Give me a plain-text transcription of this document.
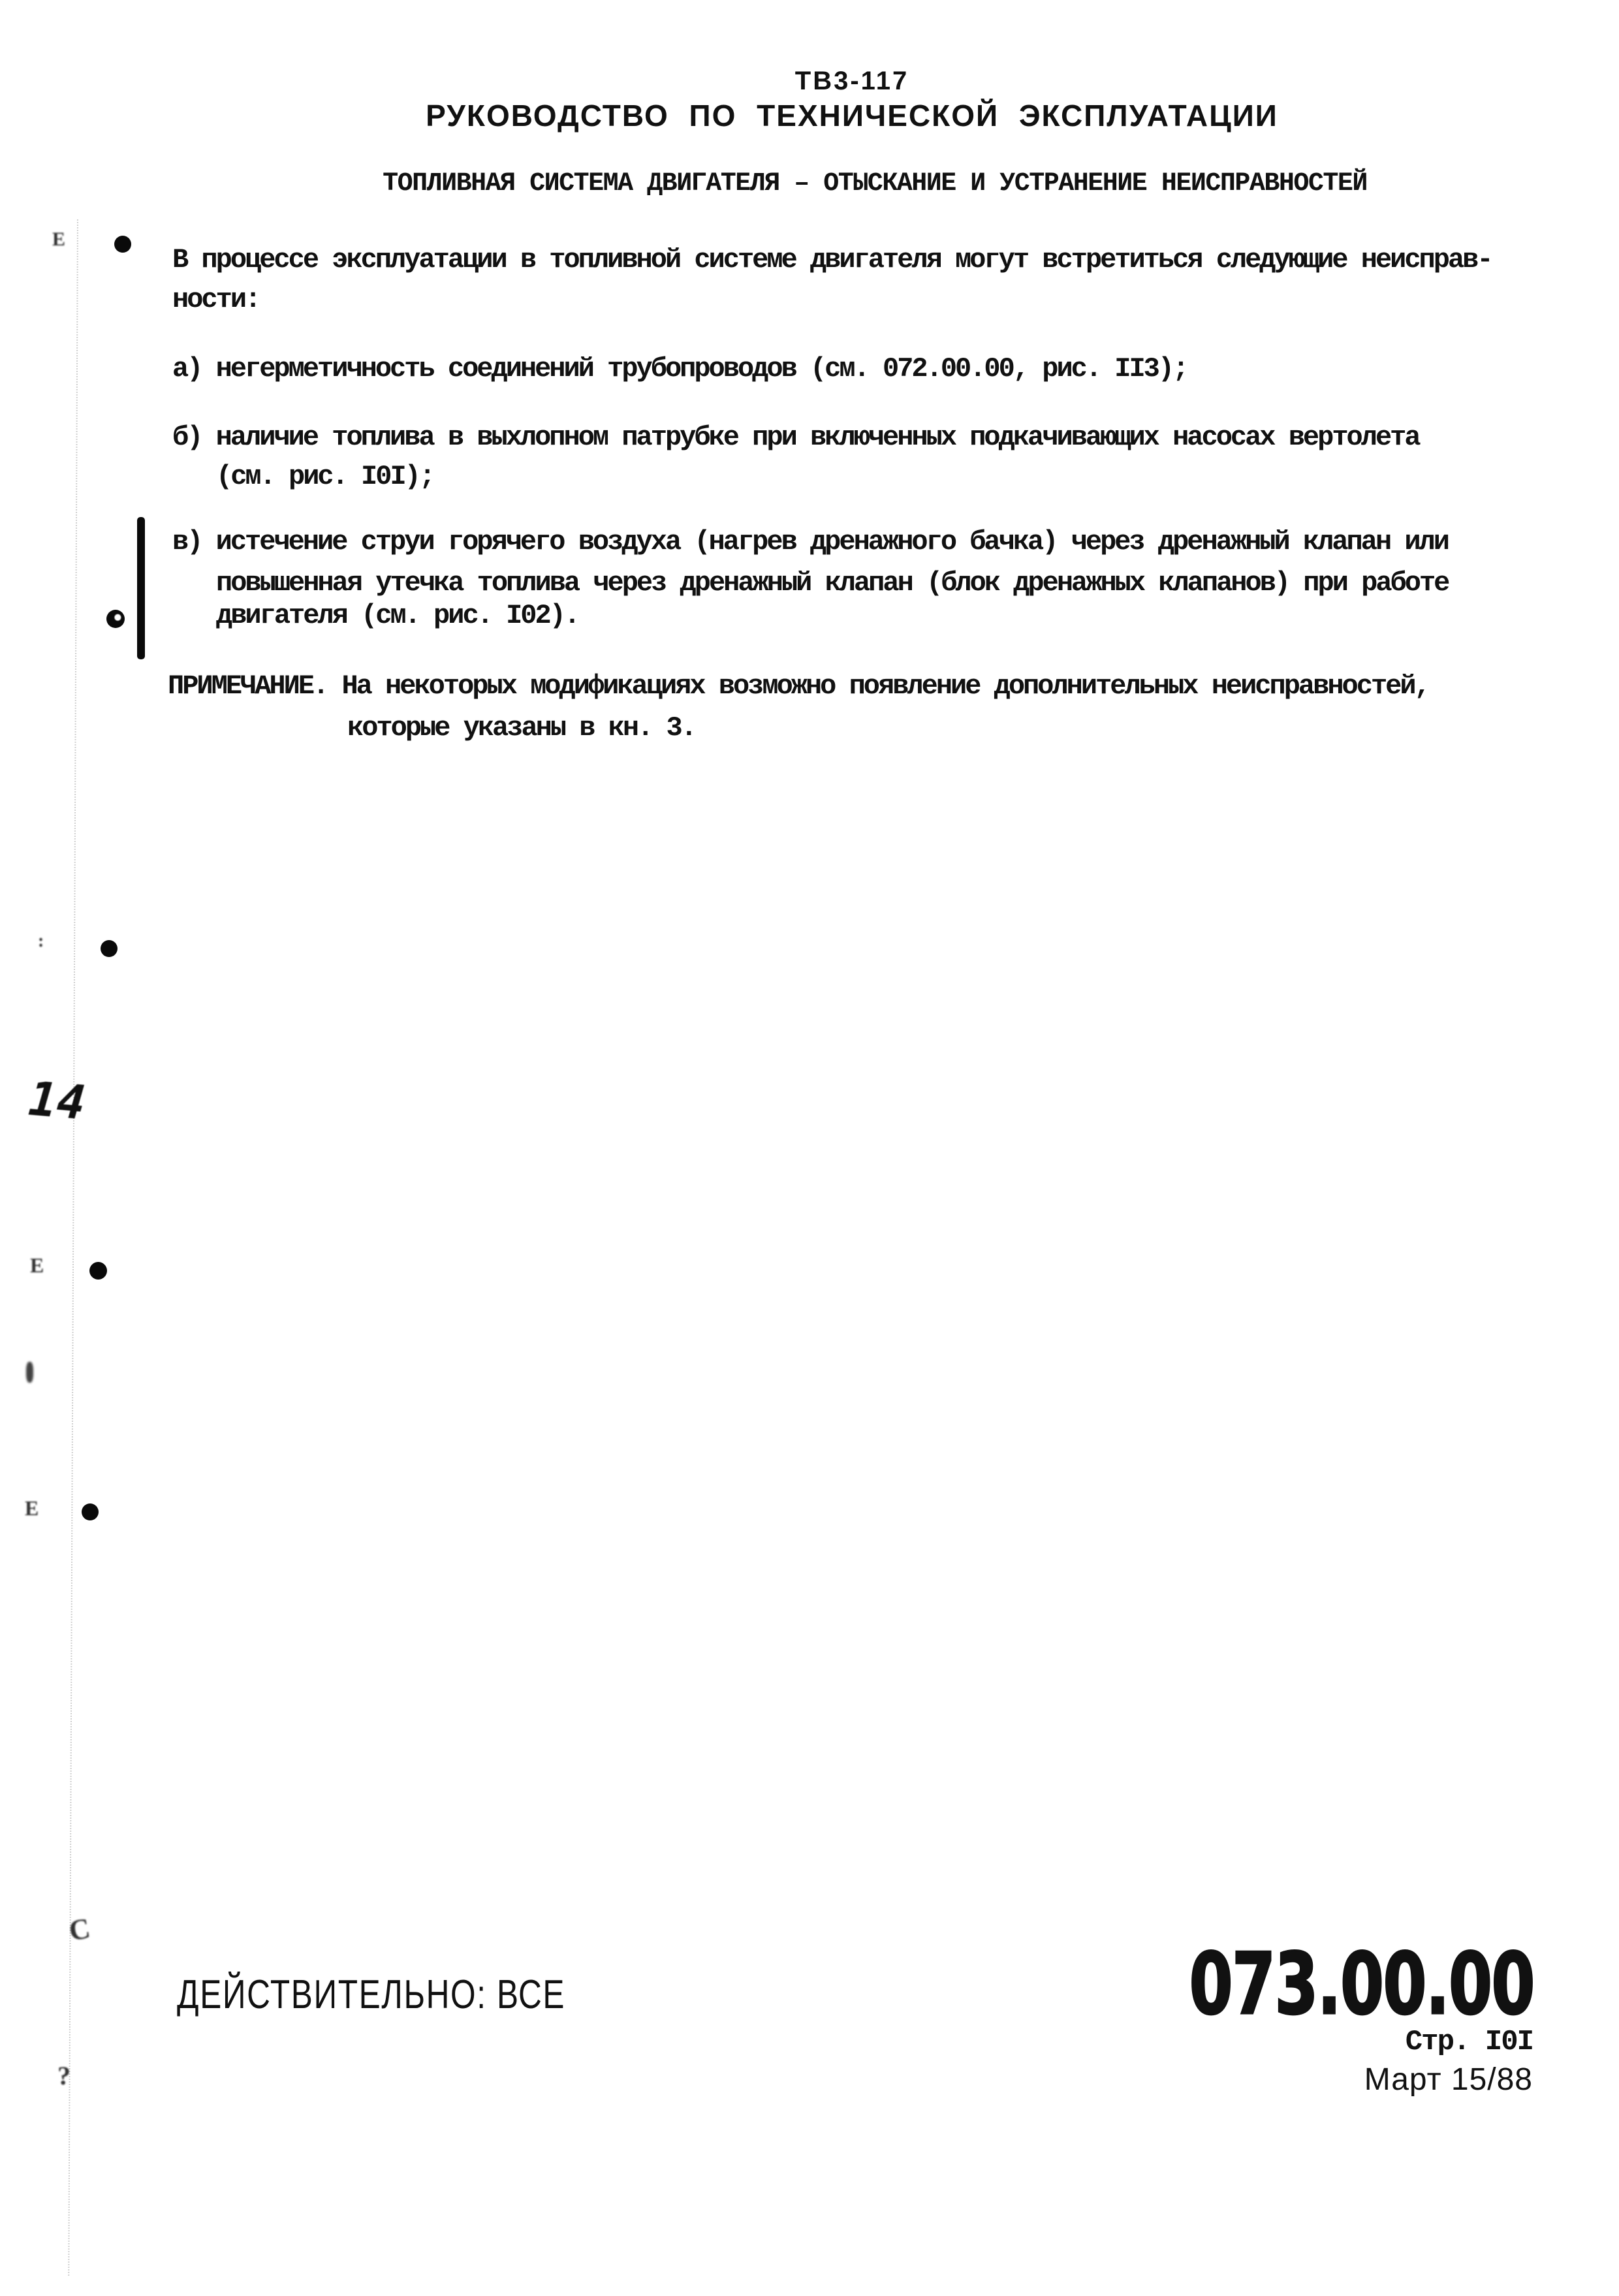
ТВ3-117
РУКОВОДСТВО ПО ТЕХНИЧЕСКОЙ ЭКСПЛУАТАЦИИ
ТОПЛИВНАЯ СИСТЕМА ДВИГАТЕЛЯ – ОТЫСКАНИЕ И УСТРАНЕНИЕ НЕИСПРАВНОСТЕЙ
В процессе эксплуатации в топливной системе двигателя могут встретиться следующие неисправ-
ности:
а) негерметичность соединений трубопроводов (см. 072.00.00, рис. II3);
б) наличие топлива в выхлопном патрубке при включенных подкачивающих насосах вертолета
(см. рис. I0I);
в) истечение струи горячего воздуха (нагрев дренажного бачка) через дренажный клапан или
повышенная утечка топлива через дренажный клапан (блок дренажных клапанов) при работе
двигателя (см. рис. I02).
ПРИМЕЧАНИЕ. На некоторых модификациях возможно появление дополнительных неисправностей,
которые указаны в кн. 3.
ДЕЙСТВИТЕЛЬНО: ВСЕ	073.00.00
Стр. I0I
Март 15/88
Е
:
Е
Е
C
?
14
